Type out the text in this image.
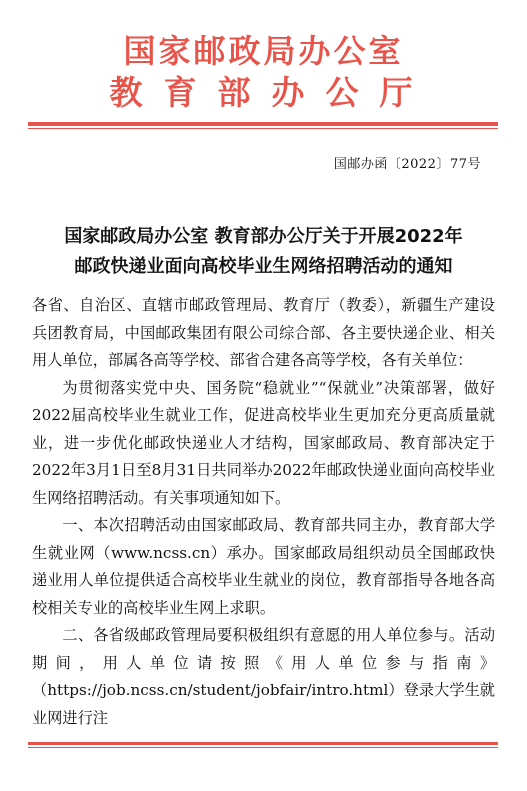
国家邮政局办公室
教育部办公厅
国邮办函〔2022〕77号
国家邮政局办公室 教育部办公厅关于开展2022年
邮政快递业面向高校毕业生网络招聘活动的通知

各省、自治区、直辖市邮政管理局、教育厅（教委），新疆生产建设兵团教育局，中国邮政集团有限公司综合部、各主要快递企业、相关用人单位，部属各高等学校、部省合建各高等学校，各有关单位：

为贯彻落实党中央、国务院“稳就业”“保就业”决策部署，做好2022届高校毕业生就业工作，促进高校毕业生更加充分更高质量就业，进一步优化邮政快递业人才结构，国家邮政局、教育部决定于2022年3月1日至8月31日共同举办2022年邮政快递业面向高校毕业生网络招聘活动。有关事项通知如下。

一、本次招聘活动由国家邮政局、教育部共同主办，教育部大学生就业网（www.ncss.cn）承办。国家邮政局组织动员全国邮政快递业用人单位提供适合高校毕业生就业的岗位，教育部指导各地各高校相关专业的高校毕业生网上求职。

二、各省级邮政管理局要积极组织有意愿的用人单位参与。活动期间，用人单位请按照《用人单位参与指南》（https://job.ncss.cn/student/jobfair/intro.html）登录大学生就业网进行注
